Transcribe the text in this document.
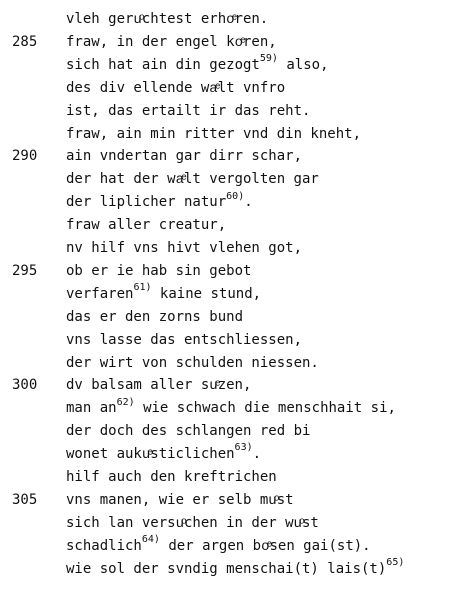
vleh geruͦchtest erhoͤren.
285	fraw, in der engel koͤren,
sich hat ain din gezogt$^{59)}$ also,
des div ellende waͤlt vnfro
ist, das ertailt ir das reht.
fraw, ain min ritter vnd din kneht,
290	ain vndertan gar dirr schar,
der hat der waͤlt vergolten gar
der liplicher natur$^{60)}$.
fraw aller creatur,
nv hilf vns hivt vlehen got,
295	ob er ie hab sin gebot
verfaren$^{61)}$ kaine stund,
das er den zorns bund
vns lasse das entschliessen,
der wirt von schulden niessen.
300	dv balsam aller suͤzen,
man $an^{62)}$ wie schwach die menschhait si,
der doch des schlangen red bi
wonet aukuͤsticlichen$^{63)}$.
hilf auch den kreftrichen
305	vns manen, wie er selb muͦst
sich lan versuͦchen in der wuͦst
schadlich$^{64)}$ der argen boͤsen gai(st).
wie sol der svndig menschai(t) $lais(t)^{65)}$
